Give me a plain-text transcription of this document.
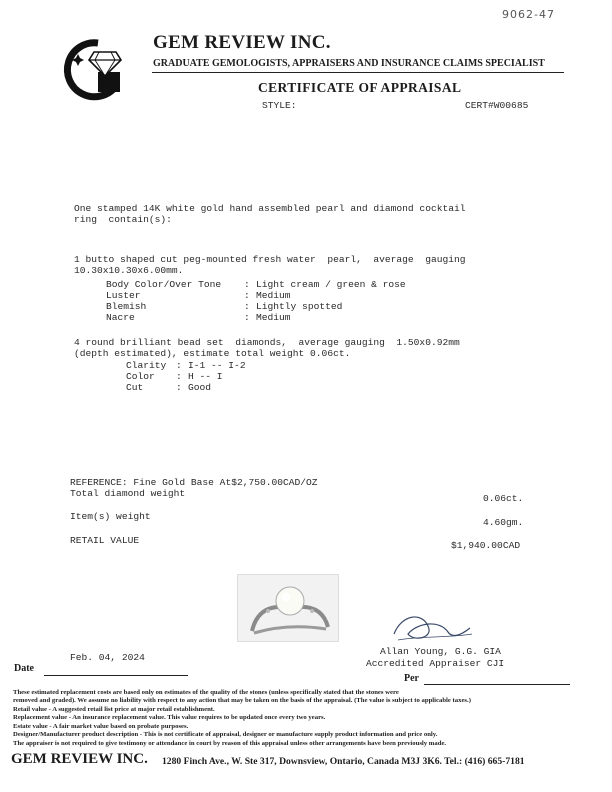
9062-47
GEM REVIEW INC.
GRADUATE GEMOLOGISTS, APPRAISERS AND INSURANCE CLAIMS SPECIALIST
CERTIFICATE OF APPRAISAL
STYLE:	CERT#W00685
One stamped 14K white gold hand assembled pearl and diamond cocktail
ring  contain(s):
1 butto shaped cut peg-mounted fresh water  pearl,  average  gauging
10.30x10.30x6.00mm.
Body Color/Over Tone : Light cream / green & rose
Luster	: Medium
Blemish	: Lightly spotted
Nacre	: Medium
4 round brilliant bead set  diamonds,  average gauging  1.50x0.92mm
(depth estimated), estimate total weight 0.06ct.
Clarity : I-1 -- I-2
Color : H -- I
Cut	: Good
REFERENCE: Fine Gold Base At$2,750.00CAD/OZ
Total diamond weight	0.06ct.
Item(s) weight
4.60gm.
RETAIL VALUE	$1,940.00CAD
Feb. 04, 2024
Allan Young, G.G. GIA
Accredited Appraiser CJI
Date
Per
These estimated replacement costs are based only on estimates of the quality of the stones (unless specifically stated that the stones were
removed and graded). We assume no liability with respect to any action that may be taken on the basis of the appraisal. (The value is subject to applicable taxes.)
Retail value - A suggested retail list price at major retail establishment.
Replacement value - An insurance replacement value. This value requires to be updated once every two years.
Estate value - A fair market value based on probate purposes.
Designer/Manufacturer product description - This is not certificate of appraisal, designer or manufacture supply product information and price only.
The appraiser is not required to give testimony or attendance in court by reason of this appraisal unless other arrangements have been previously made.
GEM REVIEW INC. 1280 Finch Ave., W. Ste 317, Downsview, Ontario, Canada M3J 3K6. Tel.: (416) 665-7181
